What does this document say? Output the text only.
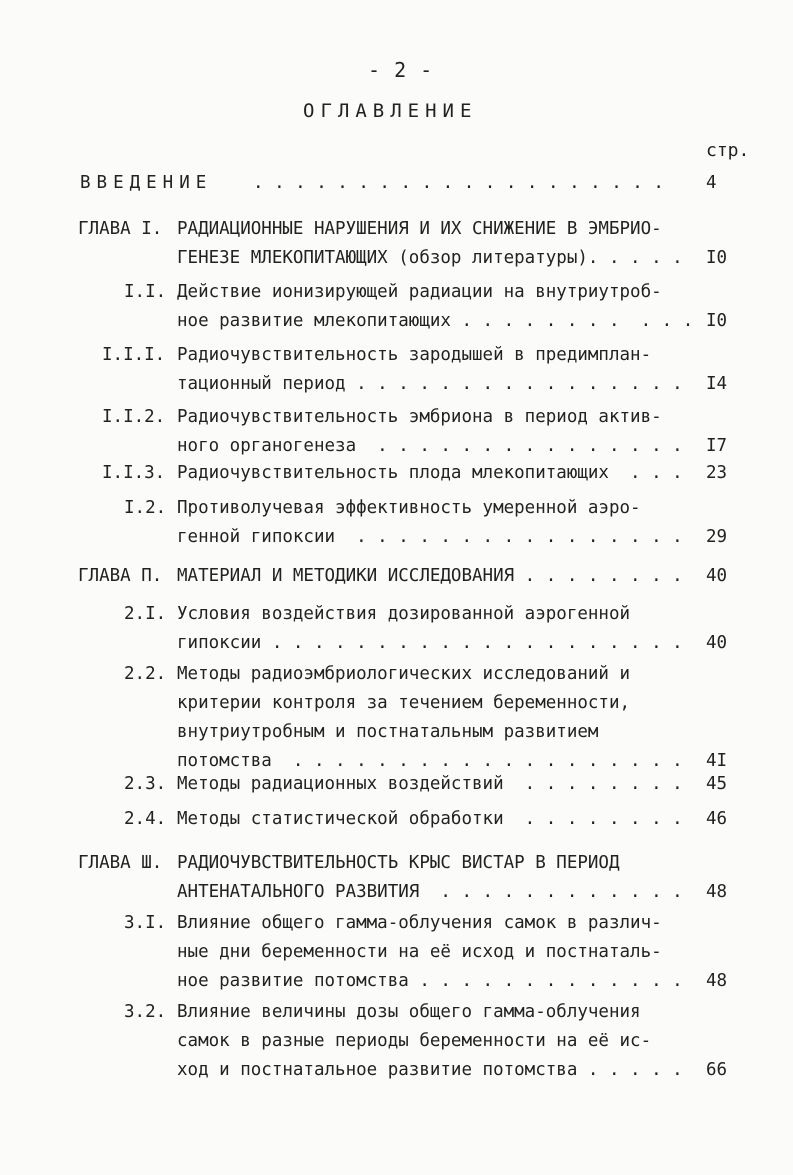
- 2 -
ОГЛАВЛЕНИЕ
стр.
ВВЕДЕНИЕ . . . . . . . . . . . . . . . . . . . . 4
ГЛАВА I. РАДИАЦИОННЫЕ НАРУШЕНИЯ И ИХ СНИЖЕНИЕ В ЭМБРИО-
ГЕНЕЗЕ МЛЕКОПИТАЮЩИХ (обзор литературы). . . . . I0
I.I. Действие ионизирующей радиации на внутриутроб-
ное развитие млекопитающих . . . . . . . .  . . . I0
I.I.I. Радиочувствительность зародышей в предимплан-
тационный период . . . . . . . . . . . . . . . . I4
I.I.2. Радиочувствительность эмбриона в период актив-
ного органогенеза  . . . . . . . . . . . . . . . I7
I.I.3. Радиочувствительность плода млекопитающих  . . . 23
I.2. Противолучевая эффективность умеренной аэро-
генной гипоксии  . . . . . . . . . . . . . . . . 29
ГЛАВА П. МАТЕРИАЛ И МЕТОДИКИ ИССЛЕДОВАНИЯ . . . . . . . . 40
2.I. Условия воздействия дозированной аэрогенной
гипоксии . . . . . . . . . . . . . . . . . . . . 40
2.2. Методы радиоэмбриологических исследований и
критерии контроля за течением беременности,
внутриутробным и постнатальным развитием
потомства  . . . . . . . . . . . . . . . . . . . 4I
2.3. Методы радиационных воздействий  . . . . . . . . 45
2.4. Методы статистической обработки  . . . . . . . . 46
ГЛАВА Ш. РАДИОЧУВСТВИТЕЛЬНОСТЬ КРЫС ВИСТАР В ПЕРИОД
АНТЕНАТАЛЬНОГО РАЗВИТИЯ  . . . . . . . . . . . . 48
3.I. Влияние общего гамма-облучения самок в различ-
ные дни беременности на её исход и постнаталь-
ное развитие потомства . . . . . . . . . . . . . 48
3.2. Влияние величины дозы общего гамма-облучения
самок в разные периоды беременности на её ис-
ход и постнатальное развитие потомства . . . . . 66
